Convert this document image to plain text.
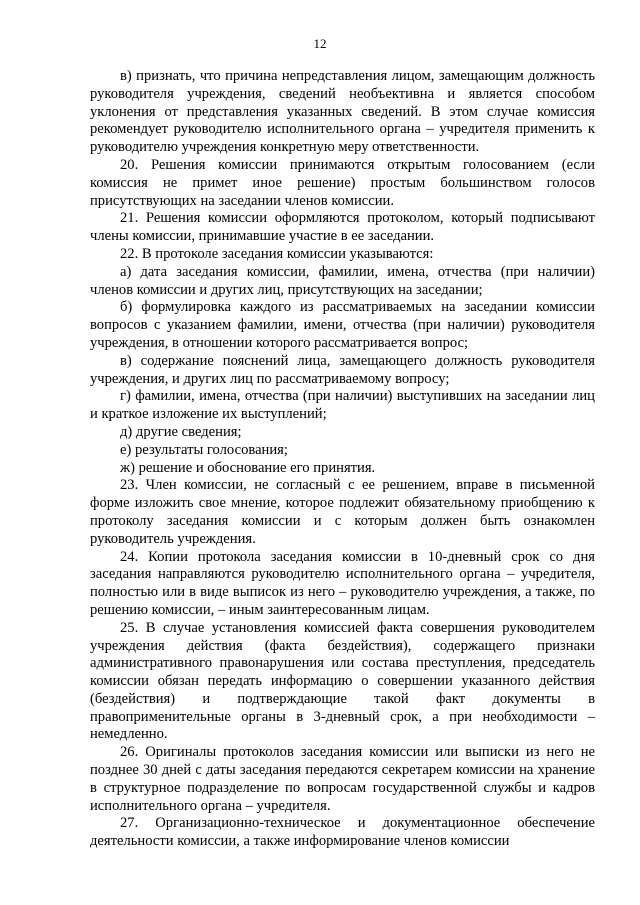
12

в) признать, что причина непредставления лицом, замещающим должность руководителя учреждения, сведений необъективна и является способом уклонения от представления указанных сведений. В этом случае комиссия рекомендует руководителю исполнительного органа – учредителя применить к руководителю учреждения конкретную меру ответственности.

20. Решения комиссии принимаются открытым голосованием (если комиссия не примет иное решение) простым большинством голосов присутствующих на заседании членов комиссии.

21. Решения комиссии оформляются протоколом, который подписывают члены комиссии, принимавшие участие в ее заседании.

22. В протоколе заседания комиссии указываются:

а) дата заседания комиссии, фамилии, имена, отчества (при наличии) членов комиссии и других лиц, присутствующих на заседании;

б) формулировка каждого из рассматриваемых на заседании комиссии вопросов с указанием фамилии, имени, отчества (при наличии) руководителя учреждения, в отношении которого рассматривается вопрос;

в) содержание пояснений лица, замещающего должность руководителя учреждения, и других лиц по рассматриваемому вопросу;

г) фамилии, имена, отчества (при наличии) выступивших на заседании лиц и краткое изложение их выступлений;

д) другие сведения;

е) результаты голосования;

ж) решение и обоснование его принятия.

23. Член комиссии, не согласный с ее решением, вправе в письменной форме изложить свое мнение, которое подлежит обязательному приобщению к протоколу заседания комиссии и с которым должен быть ознакомлен руководитель учреждения.

24. Копии протокола заседания комиссии в 10-дневный срок со дня заседания направляются руководителю исполнительного органа – учредителя, полностью или в виде выписок из него – руководителю учреждения, а также, по решению комиссии, – иным заинтересованным лицам.

25. В случае установления комиссией факта совершения руководителем учреждения действия (факта бездействия), содержащего признаки административного правонарушения или состава преступления, председатель комиссии обязан передать информацию о совершении указанного действия (бездействия) и подтверждающие такой факт документы в правоприменительные органы в 3-дневный срок, а при необходимости – немедленно.

26. Оригиналы протоколов заседания комиссии или выписки из него не позднее 30 дней с даты заседания передаются секретарем комиссии на хранение в структурное подразделение по вопросам государственной службы и кадров исполнительного органа – учредителя.

27. Организационно-техническое и документационное обеспечение деятельности комиссии, а также информирование членов комиссии
